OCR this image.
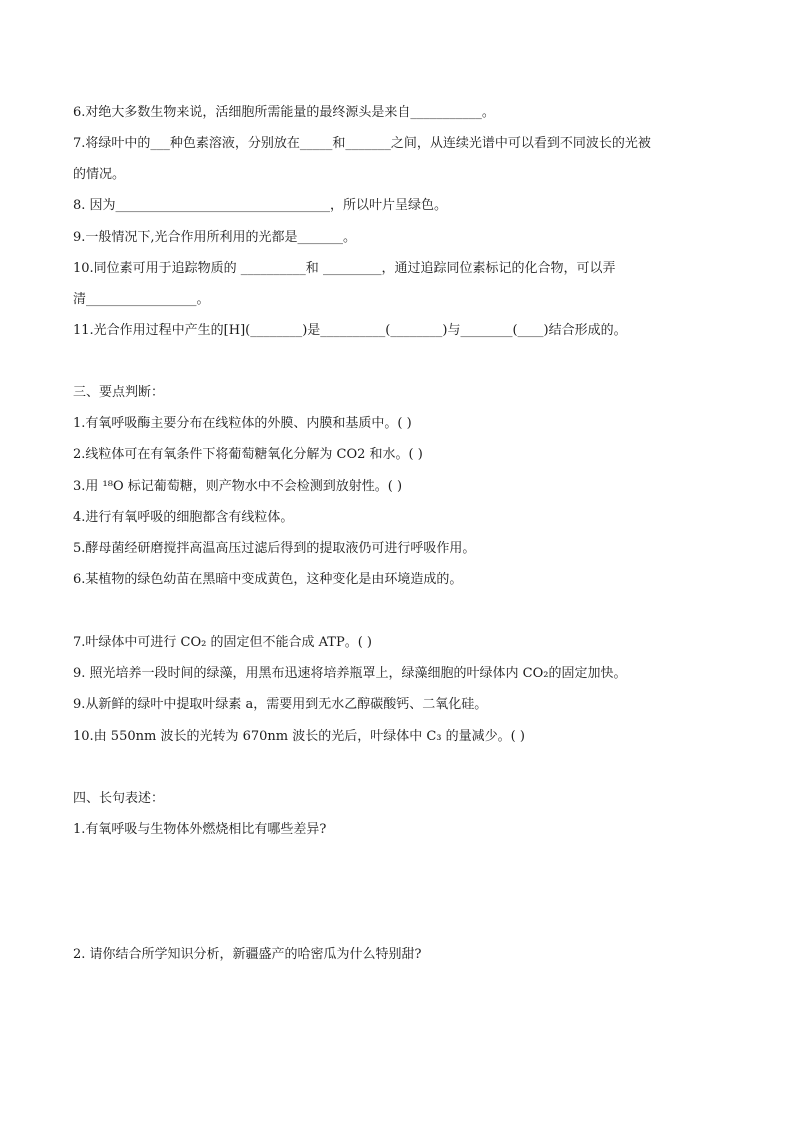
6.对绝大多数生物来说，活细胞所需能量的最终源头是来自___________。
7.将绿叶中的___种色素溶液，分别放在_____和_______之间，从连续光谱中可以看到不同波长的光被
的情况。
8. 因为_________________________________，所以叶片呈绿色。
9.一般情况下,光合作用所利用的光都是_______。
10.同位素可用于追踪物质的 __________和 _________，通过追踪同位素标记的化合物，可以弄
清_________________。
11.光合作用过程中产生的[H](________)是__________(________)与________(____)结合形成的。
三、要点判断：
1.有氧呼吸酶主要分布在线粒体的外膜、内膜和基质中。( )
2.线粒体可在有氧条件下将葡萄糖氧化分解为 CO2 和水。( )
3.用 ¹⁸O 标记葡萄糖，则产物水中不会检测到放射性。( )
4.进行有氧呼吸的细胞都含有线粒体。
5.酵母菌经研磨搅拌高温高压过滤后得到的提取液仍可进行呼吸作用。
6.某植物的绿色幼苗在黑暗中变成黄色，这种变化是由环境造成的。
7.叶绿体中可进行 CO₂ 的固定但不能合成 ATP。( )
9. 照光培养一段时间的绿藻，用黑布迅速将培养瓶罩上，绿藻细胞的叶绿体内 CO₂的固定加快。
9.从新鲜的绿叶中提取叶绿素 a，需要用到无水乙醇碳酸钙、二氧化硅。
10.由 550nm 波长的光转为 670nm 波长的光后，叶绿体中 C₃ 的量减少。( )
四、长句表述：
1.有氧呼吸与生物体外燃烧相比有哪些差异?
2. 请你结合所学知识分析，新疆盛产的哈密瓜为什么特别甜?
